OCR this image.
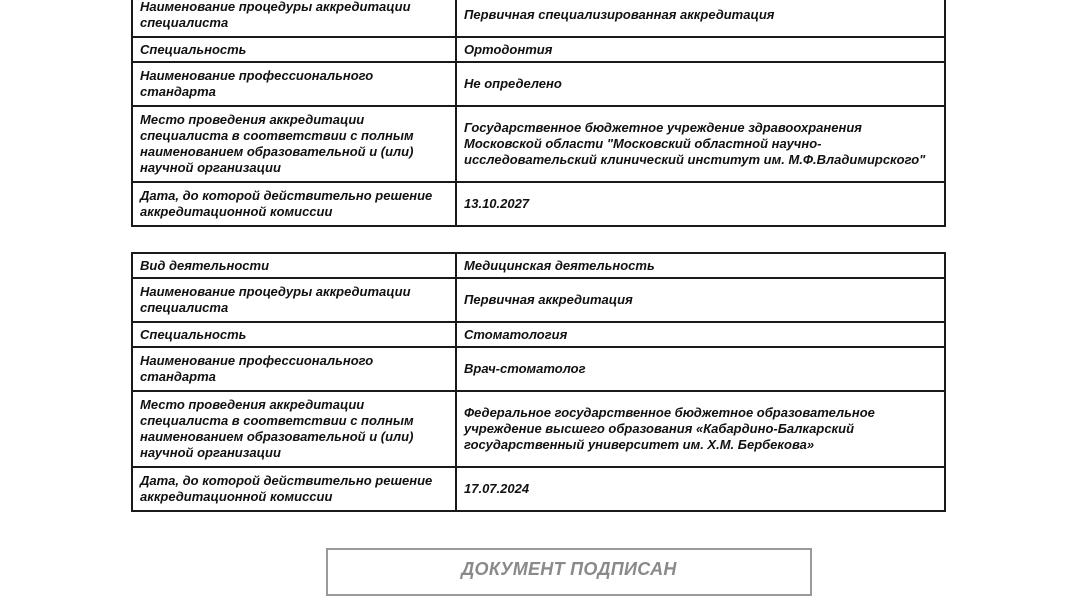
Наименование процедуры аккредитации специалиста	Первичная специализированная аккредитация
Специальность	Ортодонтия
Наименование профессионального стандарта	Не определено
Место проведения аккредитации специалиста в соответствии с полным наименованием образовательной и (или) научной организации	Государственное бюджетное учреждение здравоохранения Московской области "Московский областной научно-исследовательский клинический институт им. М.Ф.Владимирского"
Дата, до которой действительно решение аккредитационной комиссии	13.10.2027
Вид деятельности	Медицинская деятельность
Наименование процедуры аккредитации специалиста	Первичная аккредитация
Специальность	Стоматология
Наименование профессионального стандарта	Врач-стоматолог
Место проведения аккредитации специалиста в соответствии с полным наименованием образовательной и (или) научной организации	Федеральное государственное бюджетное образовательное учреждение высшего образования «Кабардино-Балкарский государственный университет им. Х.М. Бербекова»
Дата, до которой действительно решение аккредитационной комиссии	17.07.2024
ДОКУМЕНТ ПОДПИСАН
